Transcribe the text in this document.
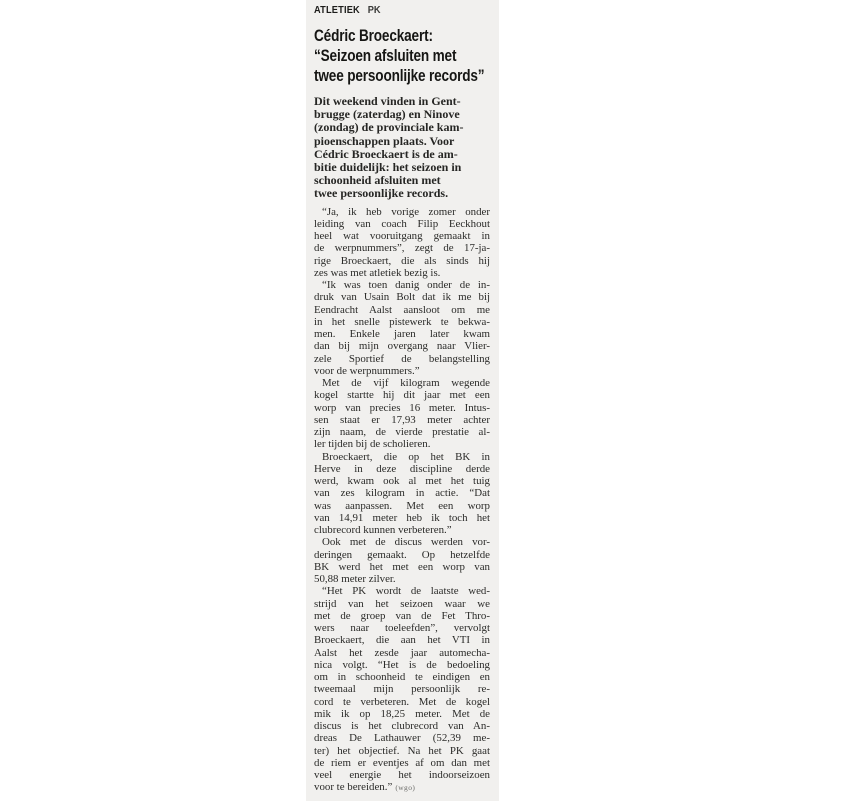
ATLETIEK PK
Cédric Broeckaert:
“Seizoen afsluiten met
twee persoonlijke records”
Dit weekend vinden in Gent-
brugge (zaterdag) en Ninove
(zondag) de provinciale kam-
pioenschappen plaats. Voor
Cédric Broeckaert is de am-
bitie duidelijk: het seizoen in
schoonheid afsluiten met
twee persoonlijke records.

“Ja, ik heb vorige zomer onder
leiding van coach Filip Eeckhout
heel wat vooruitgang gemaakt in
de werpnummers”, zegt de 17-ja-
rige Broeckaert, die als sinds hij
zes was met atletiek bezig is.

“Ik was toen danig onder de in-
druk van Usain Bolt dat ik me bij
Eendracht Aalst aansloot om me
in het snelle pistewerk te bekwa-
men. Enkele jaren later kwam
dan bij mijn overgang naar Vlier-
zele Sportief de belangstelling
voor de werpnummers.”

Met de vijf kilogram wegende
kogel startte hij dit jaar met een
worp van precies 16 meter. Intus-
sen staat er 17,93 meter achter
zijn naam, de vierde prestatie al-
ler tijden bij de scholieren.

Broeckaert, die op het BK in
Herve in deze discipline derde
werd, kwam ook al met het tuig
van zes kilogram in actie. “Dat
was aanpassen. Met een worp
van 14,91 meter heb ik toch het
clubrecord kunnen verbeteren.”

Ook met de discus werden vor-
deringen gemaakt. Op hetzelfde
BK werd het met een worp van
50,88 meter zilver.

“Het PK wordt de laatste wed-
strijd van het seizoen waar we
met de groep van de Fet Thro-
wers naar toeleefden”, vervolgt
Broeckaert, die aan het VTI in
Aalst het zesde jaar automecha-
nica volgt. “Het is de bedoeling
om in schoonheid te eindigen en
tweemaal mijn persoonlijk re-
cord te verbeteren. Met de kogel
mik ik op 18,25 meter. Met de
discus is het clubrecord van An-
dreas De Lathauwer (52,39 me-
ter) het objectief. Na het PK gaat
de riem er eventjes af om dan met
veel energie het indoorseizoen
voor te bereiden.” (wgo)
